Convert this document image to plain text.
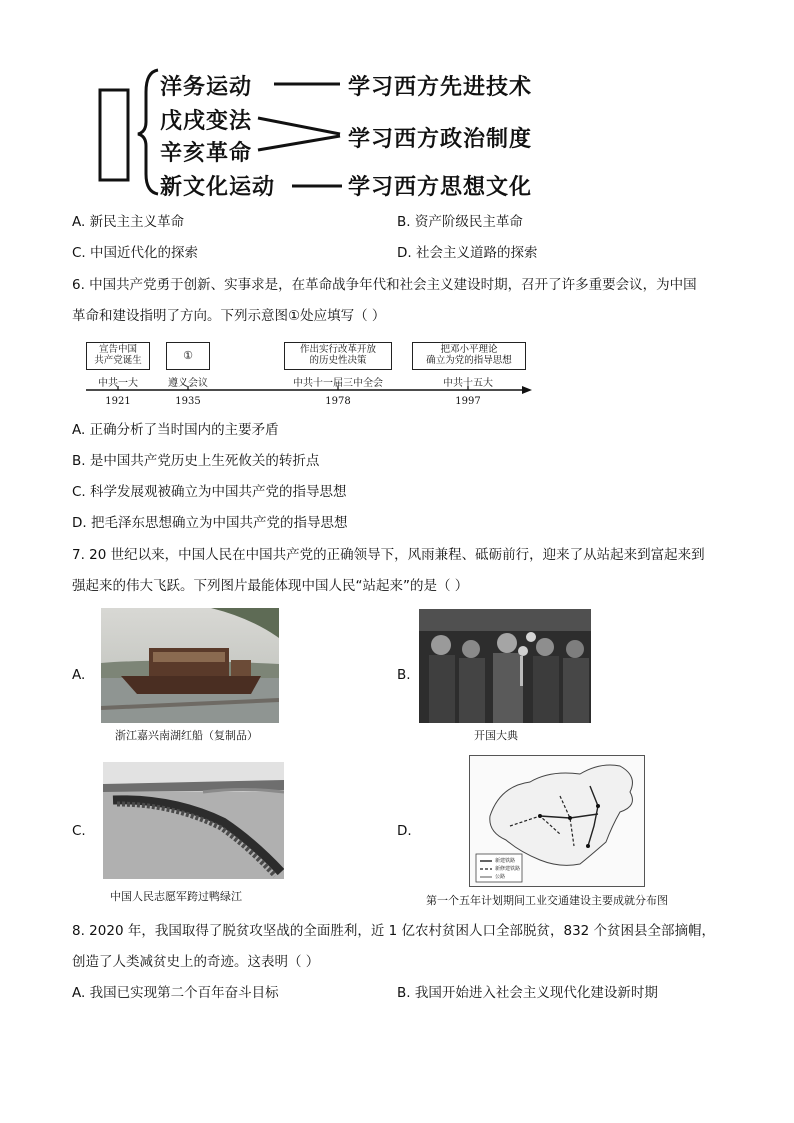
洋务运动
戊戌变法
辛亥革命
新文化运动
学习西方先进技术
学习西方政治制度
学习西方思想文化
A. 新民主主义革命	B. 资产阶级民主革命
C. 中国近代化的探索	D. 社会主义道路的探索
6. 中国共产党勇于创新、实事求是，在革命战争年代和社会主义建设时期，召开了许多重要会议，为中国
革命和建设指明了方向。下列示意图①处应填写（ ）
宣告中国
共产党诞生	①	作出实行改革开放
的历史性决策
把邓小平理论
确立为党的指导思想
中共一大	遵义会议	中共十一届三中全会	中共十五大
1921	1935	1978	1997
A. 正确分析了当时国内的主要矛盾
B. 是中国共产党历史上生死攸关的转折点
C. 科学发展观被确立为中国共产党的指导思想
D. 把毛泽东思想确立为中国共产党的指导思想
7. 20 世纪以来，中国人民在中国共产党的正确领导下，风雨兼程、砥砺前行，迎来了从站起来到富起来到
强起来的伟大飞跃。下列图片最能体现中国人民“站起来”的是（ ）
A.
浙江嘉兴南湖红船（复制品）
B.
开国大典
C.
中国人民志愿军跨过鸭绿江
D.
新建铁路
新修建铁路
公路
第一个五年计划期间工业交通建设主要成就分布图
8. 2020 年，我国取得了脱贫攻坚战的全面胜利，近 1 亿农村贫困人口全部脱贫，832 个贫困县全部摘帽，
创造了人类减贫史上的奇迹。这表明（ ）
A. 我国已实现第二个百年奋斗目标	B. 我国开始进入社会主义现代化建设新时期
